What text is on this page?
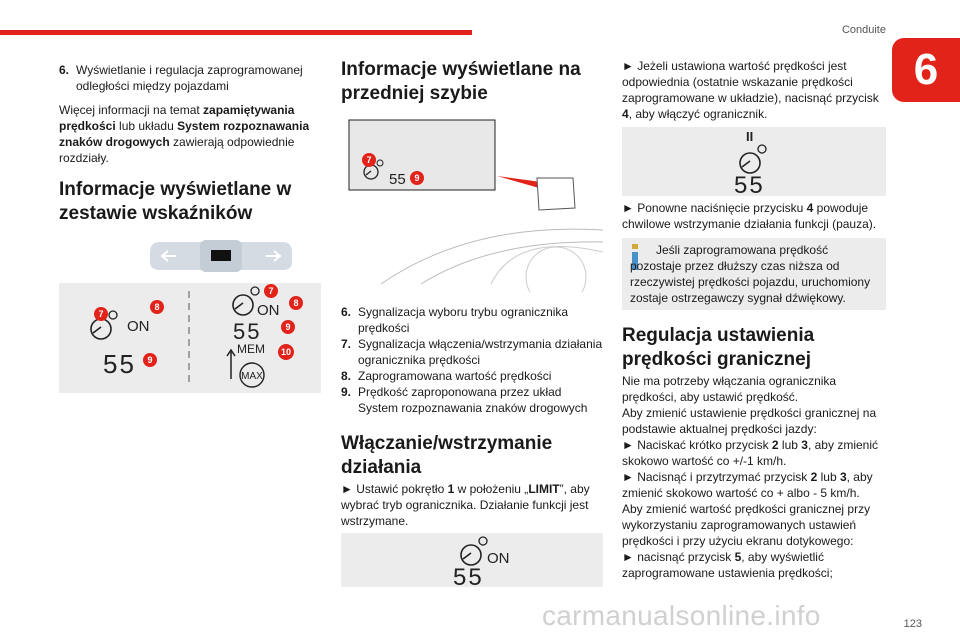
Conduite
6
6. Wyświetlanie i regulacja zaprogramowanej odległości między pojazdami
Więcej informacji na temat zapamiętywania prędkości lub układu System rozpoznawania znaków drogowych zawierają odpowiednie rozdziały.
Informacje wyświetlane w zestawie wskaźników
ON
55
7
8
9
ON
55
MEM
MAX
7
8
9
10
Informacje wyświetlane na przedniej szybie
55
7
9
6. Sygnalizacja wyboru trybu ogranicznika prędkości
7. Sygnalizacja włączenia/wstrzymania działania ogranicznika prędkości
8. Zaprogramowana wartość prędkości
9. Prędkość zaproponowana przez układ System rozpoznawania znaków drogowych
Włączanie/wstrzymanie działania
► Ustawić pokrętło 1 w położeniu „LIMIT”, aby wybrać tryb ogranicznika. Działanie funkcji jest wstrzymane.
ON
55
► Jeżeli ustawiona wartość prędkości jest odpowiednia (ostatnie wskazanie prędkości zaprogramowane w układzie), nacisnąć przycisk 4, aby włączyć ogranicznik.
II
55
► Ponowne naciśnięcie przycisku 4 powoduje chwilowe wstrzymanie działania funkcji (pauza).
Jeśli zaprogramowana prędkość pozostaje przez dłuższy czas niższa od rzeczywistej prędkości pojazdu, uruchomiony zostaje ostrzegawczy sygnał dźwiękowy.
Regulacja ustawienia prędkości granicznej
Nie ma potrzeby włączania ogranicznika prędkości, aby ustawić prędkość.
Aby zmienić ustawienie prędkości granicznej na podstawie aktualnej prędkości jazdy:
► Naciskać krótko przycisk 2 lub 3, aby zmienić skokowo wartość co +/-1 km/h.
► Nacisnąć i przytrzymać przycisk 2 lub 3, aby zmienić skokowo wartość co + albo - 5 km/h.
Aby zmienić wartość prędkości granicznej przy wykorzystaniu zaprogramowanych ustawień prędkości i przy użyciu ekranu dotykowego:
► nacisnąć przycisk 5, aby wyświetlić zaprogramowane ustawienia prędkości;
carmanualsonline.info	123
